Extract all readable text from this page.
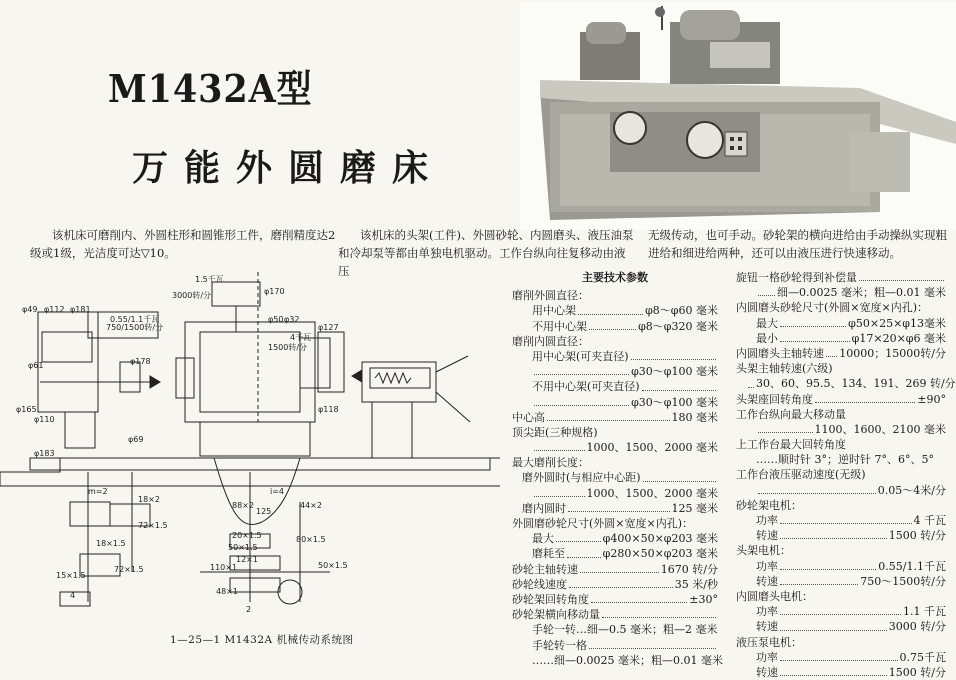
M1432A型
万能外圆磨床
该机床可磨削内、外圆柱形和圆锥形工件，磨削精度达2级或1级，光洁度可达▽10。
该机床的头架(工件)、外圆砂轮、内圆磨头、液压油泵和冷却泵等都由单独电机驱动。工作台纵向往复移动由液压
无级传动，也可手动。砂轮架的横向进给由手动操纵实现粗进给和细进给两种，还可以由液压进行快速移动。
1.5千瓦
3000转/分	φ170
φ49 φ112 φ181
0.55/1.1千瓦
750/1500转/分
φ50 φ32
φ127
4千瓦
1500转/分
φ61	φ178
φ165
φ110
φ118
φ183
φ69
m=2
18×2
72×1.5
18×1.5
15×1.5
72×1.5
4
88×2	44×2
125
20×1.5
50×1.5
80×1.5
110×1
12×1
50×1.5
48×1
i=4
2
1—25—1 M1432A 机械传动系统图
主要技术参数
磨削外圆直径：
用中心架	φ8～φ60 毫米
不用中心架	φ8～φ320 毫米
磨削内圆直径：
用中心架(可夹直径)
φ30～φ100 毫米
不用中心架(可夹直径)
φ30～φ100 毫米
中心高	180 毫米
顶尖距(三种规格)
1000、1500、2000 毫米
最大磨削长度：
磨外圆时(与相应中心距)
1000、1500、2000 毫米
磨内圆时	125 毫米
外圆磨砂轮尺寸(外圆×宽度×内孔)：
最大	φ400×50×φ203 毫米
磨耗至	φ280×50×φ203 毫米
砂轮主轴转速	1670 转/分
砂轮线速度	35 米/秒
砂轮架回转角度	±30°
砂轮架横向移动量
手轮一转…细—0.5 毫米；粗—2 毫米
手轮转一格
……细—0.0025 毫米；粗—0.01 毫米
旋钮一格砂轮得到补偿量
细—0.0025 毫米；粗—0.01 毫米
内圆磨头砂轮尺寸(外圆×宽度×内孔)：
最大	φ50×25×φ13毫米
最小	φ17×20×φ6 毫米
内圆磨头主轴转速 10000；15000转/分
头架主轴转速(六级)
30、60、95.5、134、191、269 转/分
头架座回转角度	±90°
工作台纵向最大移动量
1100、1600、2100 毫米
上工作台最大回转角度
……顺时针 3°；逆时针 7°、6°、5°
工作台液压驱动速度(无级)
0.05～4米/分
砂轮架电机：
功率	4 千瓦
转速	1500 转/分
头架电机：
功率	0.55/1.1千瓦
转速	750～1500转/分
内圆磨头电机：
功率	1.1 千瓦
转速	3000 转/分
液压泵电机：
功率	0.75千瓦
转速	1500 转/分
